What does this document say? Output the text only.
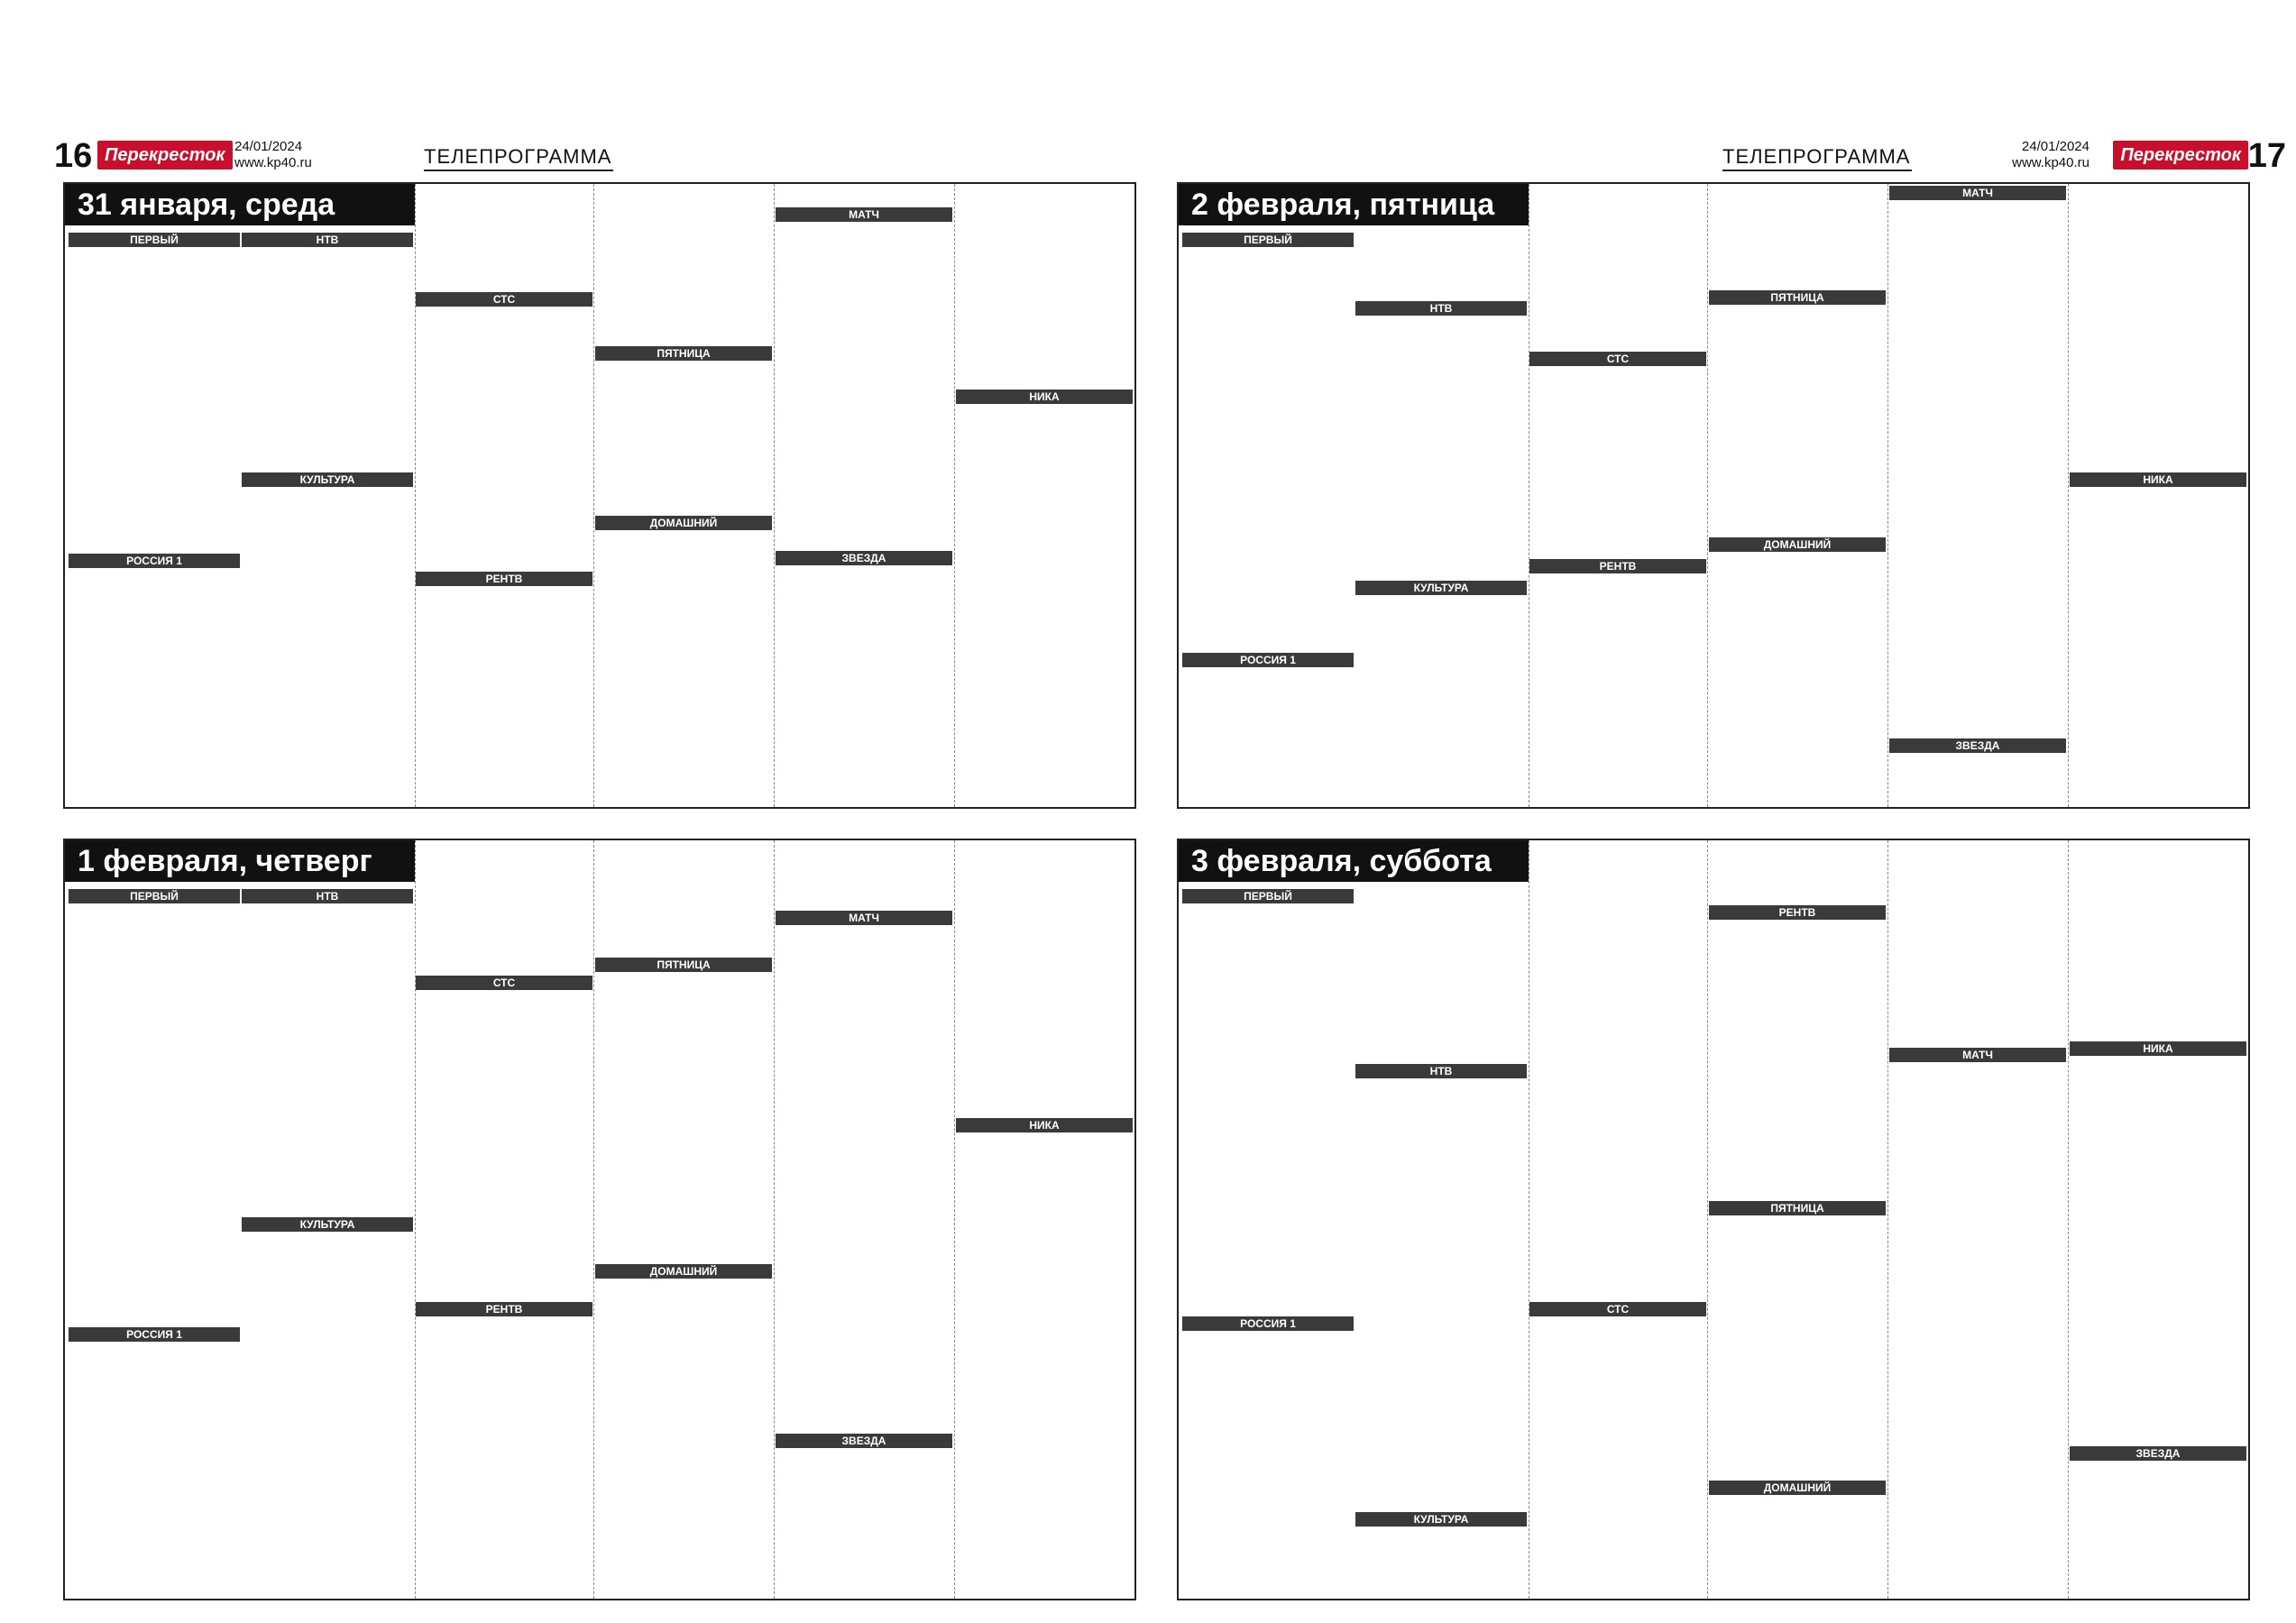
16 Перекресток 24/01/2024
www.kp40.ru	ТЕЛЕПРОГРАММА
31 января, среда
ПЕРВЫЙ	НТВ
КУЛЬТУРА
РОССИЯ 1
СТС
РЕНТВ
ПЯТНИЦА
ДОМАШНИЙ
МАТЧ
ЗВЕЗДА
НИКА
1 февраля, четверг
ПЕРВЫЙ	НТВ
КУЛЬТУРА
РОССИЯ 1
СТС
РЕНТВ
ПЯТНИЦА
ДОМАШНИЙ
МАТЧ
ЗВЕЗДА
НИКА
ТЕЛЕПРОГРАММА	24/01/2024
www.kp40.ru	Перекресток 17
2 февраля, пятница
ПЕРВЫЙ
НТВ
КУЛЬТУРА
РОССИЯ 1
СТС
РЕНТВ
ПЯТНИЦА
ДОМАШНИЙ
МАТЧ
НИКА
ЗВЕЗДА
3 февраля, суббота
ПЕРВЫЙ
НТВ
КУЛЬТУРА
РОССИЯ 1
СТС
РЕНТВ
ПЯТНИЦА
ДОМАШНИЙ
МАТЧ	НИКА
ЗВЕЗДА
